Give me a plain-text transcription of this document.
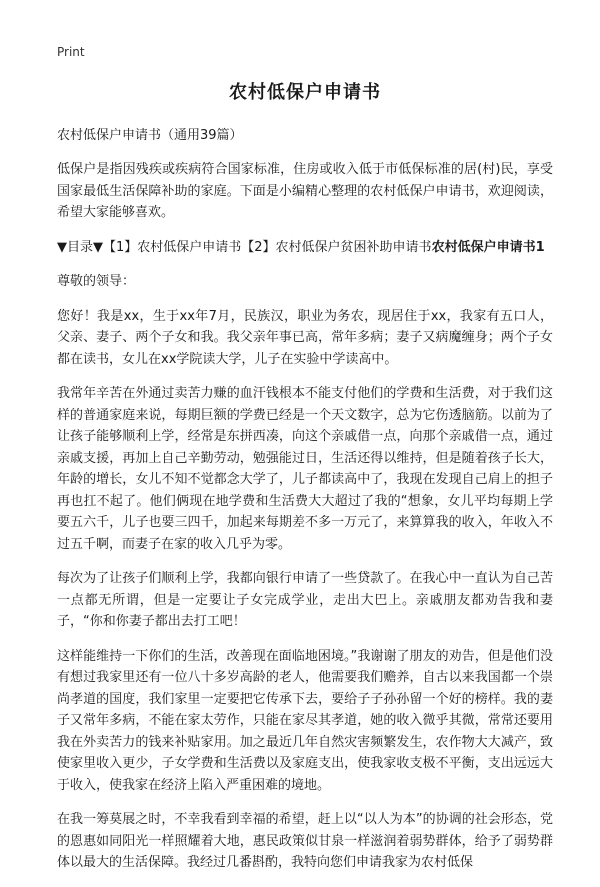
Print
农村低保户申请书
农村低保户申请书（通用39篇）

低保户是指因残疾或疾病符合国家标准，住房或收入低于市低保标准的居(村)民，享受国家最低生活保障补助的家庭。下面是小编精心整理的农村低保户申请书，欢迎阅读，希望大家能够喜欢。

▼目录▼【1】农村低保户申请书【2】农村低保户贫困补助申请书农村低保户申请书1

尊敬的领导：

您好！我是xx，生于xx年7月，民族汉，职业为务农，现居住于xx，我家有五口人，父亲、妻子、两个子女和我。我父亲年事已高，常年多病；妻子又病魔缠身；两个子女都在读书，女儿在xx学院读大学，儿子在实验中学读高中。

我常年辛苦在外通过卖苦力赚的血汗钱根本不能支付他们的学费和生活费，对于我们这样的普通家庭来说，每期巨额的学费已经是一个天文数字，总为它伤透脑筋。以前为了让孩子能够顺利上学，经常是东拼西凑，向这个亲戚借一点，向那个亲戚借一点，通过亲戚支援，再加上自己辛勤劳动，勉强能过日，生活还得以维持，但是随着孩子长大，年龄的增长，女儿不知不觉都念大学了，儿子都读高中了，我现在发现自己肩上的担子再也扛不起了。他们俩现在地学费和生活费大大超过了我的“想象，女儿平均每期上学要五六千，儿子也要三四千，加起来每期差不多一万元了，来算算我的收入，年收入不过五千啊，而妻子在家的收入几乎为零。

每次为了让孩子们顺利上学，我都向银行申请了一些贷款了。在我心中一直认为自己苦一点都无所谓，但是一定要让子女完成学业，走出大巴上。亲戚朋友都劝告我和妻子，“你和你妻子都出去打工吧！

这样能维持一下你们的生活，改善现在面临地困境。”我谢谢了朋友的劝告，但是他们没有想过我家里还有一位八十多岁高龄的老人，他需要我们赡养，自古以来我国都一个崇尚孝道的国度，我们家里一定要把它传承下去，要给子子孙孙留一个好的榜样。我的妻子又常年多病，不能在家太劳作，只能在家尽其孝道，她的收入微乎其微，常常还要用我在外卖苦力的钱来补贴家用。加之最近几年自然灾害频繁发生，农作物大大减产，致使家里收入更少，子女学费和生活费以及家庭支出，使我家收支极不平衡，支出远远大于收入，使我家在经济上陷入严重困难的境地。

在我一筹莫展之时，不幸我看到幸福的希望，赶上以“以人为本”的协调的社会形态，党的恩惠如同阳光一样照耀着大地，惠民政策似甘泉一样滋润着弱势群体，给予了弱势群体以最大的生活保障。我经过几番斟酌，我特向您们申请我家为农村低保
